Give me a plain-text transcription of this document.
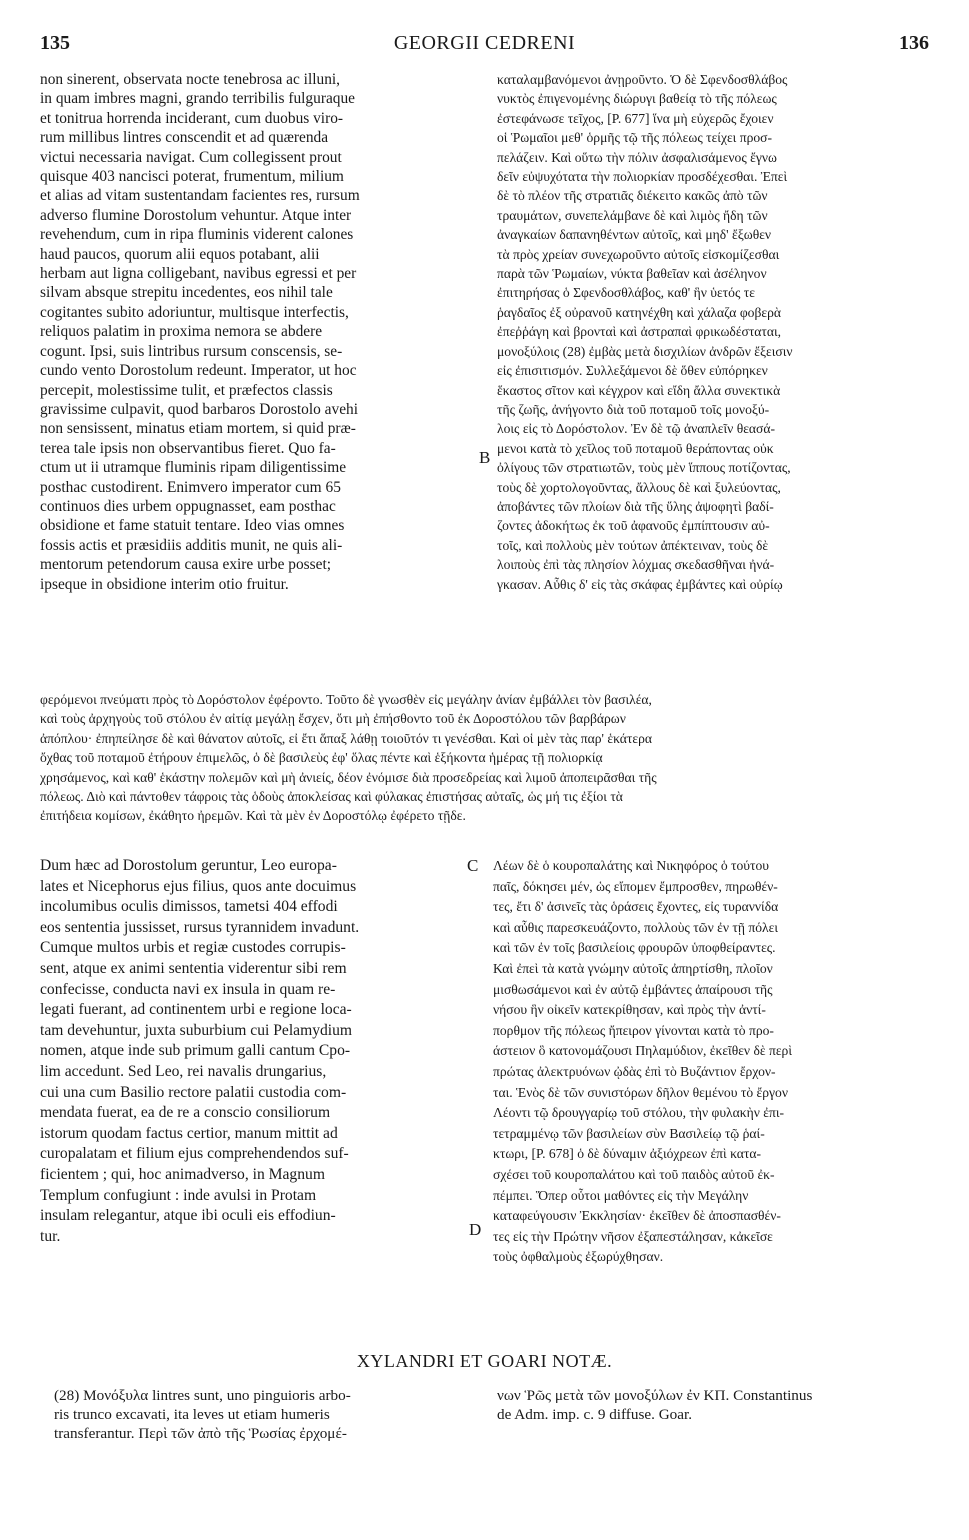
135	GEORGII CEDRENI	136
non sinerent, observata nocte tenebrosa ac illuni,
in quam imbres magni, grando terribilis fulguraque
et tonitrua horrenda inciderant, cum duobus viro-
rum millibus lintres conscendit et ad quærenda
victui necessaria navigat. Cum collegissent prout
quisque 403 nancisci poterat, frumentum, milium
et alias ad vitam sustentandam facientes res, rursum
adverso flumine Dorostolum vehuntur. Atque inter
revehendum, cum in ripa fluminis viderent calones
haud paucos, quorum alii equos potabant, alii
herbam aut ligna colligebant, navibus egressi et per
silvam absque strepitu incedentes, eos nihil tale
cogitantes subito adoriuntur, multisque interfectis,
reliquos palatim in proxima nemora se abdere
cogunt. Ipsi, suis lintribus rursum conscensis, se-
cundo vento Dorostolum redeunt. Imperator, ut hoc
percepit, molestissime tulit, et præfectos classis
gravissime culpavit, quod barbaros Dorostolo avehi
non sensissent, minatus etiam mortem, si quid præ-
terea tale ipsis non observantibus fieret. Quo fa-
ctum ut ii utramque fluminis ripam diligentissime
posthac custodirent. Enimvero imperator cum 65
continuos dies urbem oppugnasset, eam posthac
obsidione et fame statuit tentare. Ideo vias omnes
fossis actis et præsidiis additis munit, ne quis ali-
mentorum petendorum causa exire urbe posset;
ipseque in obsidione interim otio fruitur.
καταλαμβανόμενοι ἀνῃροῦντο. Ὁ δὲ Σφενδοσθλάβος
νυκτὸς ἐπιγενομένης διώρυγι βαθείᾳ τὸ τῆς πόλεως
ἐστεφάνωσε τεῖχος, [P. 677] ἵνα μὴ εὐχερῶς ἔχοιεν
οἱ Ῥωμαῖοι μεθ' ὁρμῆς τῷ τῆς πόλεως τείχει προσ-
πελάζειν. Καὶ οὕτω τὴν πόλιν ἀσφαλισάμενος ἔγνω
δεῖν εὐψυχότατα τὴν πολιορκίαν προσδέχεσθαι. Ἐπεὶ
δὲ τὸ πλέον τῆς στρατιᾶς διέκειτο κακῶς ἀπὸ τῶν
τραυμάτων, συνεπελάμβανε δὲ καὶ λιμὸς ἤδη τῶν
ἀναγκαίων δαπανηθέντων αὐτοῖς, καὶ μηδ' ἔξωθεν
τὰ πρὸς χρείαν συνεχωροῦντο αὐτοῖς εἰσκομίζεσθαι
παρὰ τῶν Ῥωμαίων, νύκτα βαθεῖαν καὶ ἀσέληνον
ἐπιτηρήσας ὁ Σφενδοσθλάβος, καθ' ἣν ὑετός τε
ῥαγδαῖος ἐξ οὐρανοῦ κατηνέχθη καὶ χάλαζα φοβερὰ
ἐπεῤῥάγη καὶ βρονταὶ καὶ ἀστραπαὶ φρικωδέσταται,
μονοξύλοις (28) ἐμβὰς μετὰ δισχιλίων ἀνδρῶν ἔξεισιν
εἰς ἐπισιτισμόν. Συλλεξάμενοι δὲ ὅθεν εὐπόρηκεν
ἕκαστος σῖτον καὶ κέγχρον καὶ εἴδη ἄλλα συνεκτικὰ
τῆς ζωῆς, ἀνήγοντο διὰ τοῦ ποταμοῦ τοῖς μονοξύ-
λοις εἰς τὸ Δορόστολον. Ἐν δὲ τῷ ἀναπλεῖν θεασά-
μενοι κατὰ τὸ χεῖλος τοῦ ποταμοῦ θεράποντας οὐκ
ὀλίγους τῶν στρατιωτῶν, τοὺς μὲν ἵππους ποτίζοντας,
τοὺς δὲ χορτολογοῦντας, ἄλλους δὲ καὶ ξυλεύοντας,
ἀποβάντες τῶν πλοίων διὰ τῆς ὕλης ἀψοφητὶ βαδί-
ζοντες ἀδοκήτως ἐκ τοῦ ἀφανοῦς ἐμπίπτουσιν αὐ-
τοῖς, καὶ πολλοὺς μὲν τούτων ἀπέκτειναν, τοὺς δὲ
λοιποὺς ἐπὶ τὰς πλησίον λόχμας σκεδασθῆναι ἠνά-
γκασαν. Αὖθις δ' εἰς τὰς σκάφας ἐμβάντες καὶ οὐρίῳ
B
φερόμενοι πνεύματι πρὸς τὸ Δορόστολον ἐφέροντο. Τοῦτο δὲ γνωσθὲν εἰς μεγάλην ἀνίαν ἐμβάλλει τὸν βασιλέα,
καὶ τοὺς ἀρχηγοὺς τοῦ στόλου ἐν αἰτίᾳ μεγάλῃ ἔσχεν, ὅτι μὴ ἐπήσθοντο τοῦ ἐκ Δοροστόλου τῶν βαρβάρων
ἀπόπλου· ἐπηπείλησε δὲ καὶ θάνατον αὐτοῖς, εἰ ἔτι ἅπαξ λάθῃ τοιοῦτόν τι γενέσθαι. Καὶ οἱ μὲν τὰς παρ' ἑκάτερα
ὄχθας τοῦ ποταμοῦ ἐτήρουν ἐπιμελῶς, ὁ δὲ βασιλεὺς ἐφ' ὅλας πέντε καὶ ἑξήκοντα ἡμέρας τῇ πολιορκίᾳ
χρησάμενος, καὶ καθ' ἑκάστην πολεμῶν καὶ μὴ ἀνιείς, δέον ἐνόμισε διὰ προσεδρείας καὶ λιμοῦ ἀποπειρᾶσθαι τῆς
πόλεως. Διὸ καὶ πάντοθεν τάφροις τὰς ὁδοὺς ἀποκλείσας καὶ φύλακας ἐπιστήσας αὐταῖς, ὡς μή τις ἐξίοι τὰ
ἐπιτήδεια κομίσων, ἐκάθητο ἠρεμῶν. Καὶ τὰ μὲν ἐν Δοροστόλῳ ἐφέρετο τῇδε.
Dum hæc ad Dorostolum geruntur, Leo europa-
lates et Nicephorus ejus filius, quos ante docuimus
incolumibus oculis dimissos, tametsi 404 effodi
eos sententia jussisset, rursus tyrannidem invadunt.
Cumque multos urbis et regiæ custodes corrupis-
sent, atque ex animi sententia viderentur sibi rem
confecisse, conducta navi ex insula in quam re-
legati fuerant, ad continentem urbi e regione loca-
tam devehuntur, juxta suburbium cui Pelamydium
nomen, atque inde sub primum galli cantum Cpo-
lim accedunt. Sed Leo, rei navalis drungarius,
cui una cum Basilio rectore palatii custodia com-
mendata fuerat, ea de re a conscio consiliorum
istorum quodam factus certior, manum mittit ad
curopalatam et filium ejus comprehendendos suf-
ficientem ; qui, hoc animadverso, in Magnum
Templum confugiunt : inde avulsi in Protam
insulam relegantur, atque ibi oculi eis effodiun-
tur.
C
D
Λέων δὲ ὁ κουροπαλάτης καὶ Νικηφόρος ὁ τούτου
παῖς, δόκησει μέν, ὡς εἴπομεν ἔμπροσθεν, πηρωθέν-
τες, ἔτι δ' ἀσινεῖς τὰς ὁράσεις ἔχοντες, εἰς τυραννίδα
καὶ αὖθις παρεσκευάζοντο, πολλοὺς τῶν ἐν τῇ πόλει
καὶ τῶν ἐν τοῖς βασιλείοις φρουρῶν ὑποφθείραντες.
Καὶ ἐπεὶ τὰ κατὰ γνώμην αὐτοῖς ἀπηρτίσθη, πλοῖον
μισθωσάμενοι καὶ ἐν αὐτῷ ἐμβάντες ἀπαίρουσι τῆς
νήσου ἣν οἰκεῖν κατεκρίθησαν, καὶ πρὸς τὴν ἀντί-
πορθμον τῆς πόλεως ἤπειρον γίνονται κατὰ τὸ προ-
άστειον ὃ κατονομάζουσι Πηλαμύδιον, ἐκεῖθεν δὲ περὶ
πρώτας ἀλεκτρυόνων ᾠδὰς ἐπὶ τὸ Βυζάντιον ἔρχον-
ται. Ἑνὸς δὲ τῶν συνιστόρων δῆλον θεμένου τὸ ἔργον
Λέοντι τῷ δρουγγαρίῳ τοῦ στόλου, τὴν φυλακὴν ἐπι-
τετραμμένῳ τῶν βασιλείων σὺν Βασιλείῳ τῷ ῥαί-
κτωρι, [P. 678] ὁ δὲ δύναμιν ἀξιόχρεων ἐπὶ κατα-
σχέσει τοῦ κουροπαλάτου καὶ τοῦ παιδὸς αὐτοῦ ἐκ-
πέμπει. Ὅπερ οὗτοι μαθόντες εἰς τὴν Μεγάλην
καταφεύγουσιν Ἐκκλησίαν· ἐκεῖθεν δὲ ἀποσπασθέν-
τες εἰς τὴν Πρώτην νῆσον ἐξαπεστάλησαν, κἀκεῖσε
τοὺς ὀφθαλμοὺς ἐξωρύχθησαν.
XYLANDRI ET GOARI NOTÆ.
(28) Μονόξυλα lintres sunt, uno pinguioris arbo-
ris trunco excavati, ita leves ut etiam humeris
transferantur. Περὶ τῶν ἀπὸ τῆς Ῥωσίας ἐρχομέ-
νων Ῥῶς μετὰ τῶν μονοξύλων ἐν ΚΠ. Constantinus
de Adm. imp. c. 9 diffuse. Goar.
